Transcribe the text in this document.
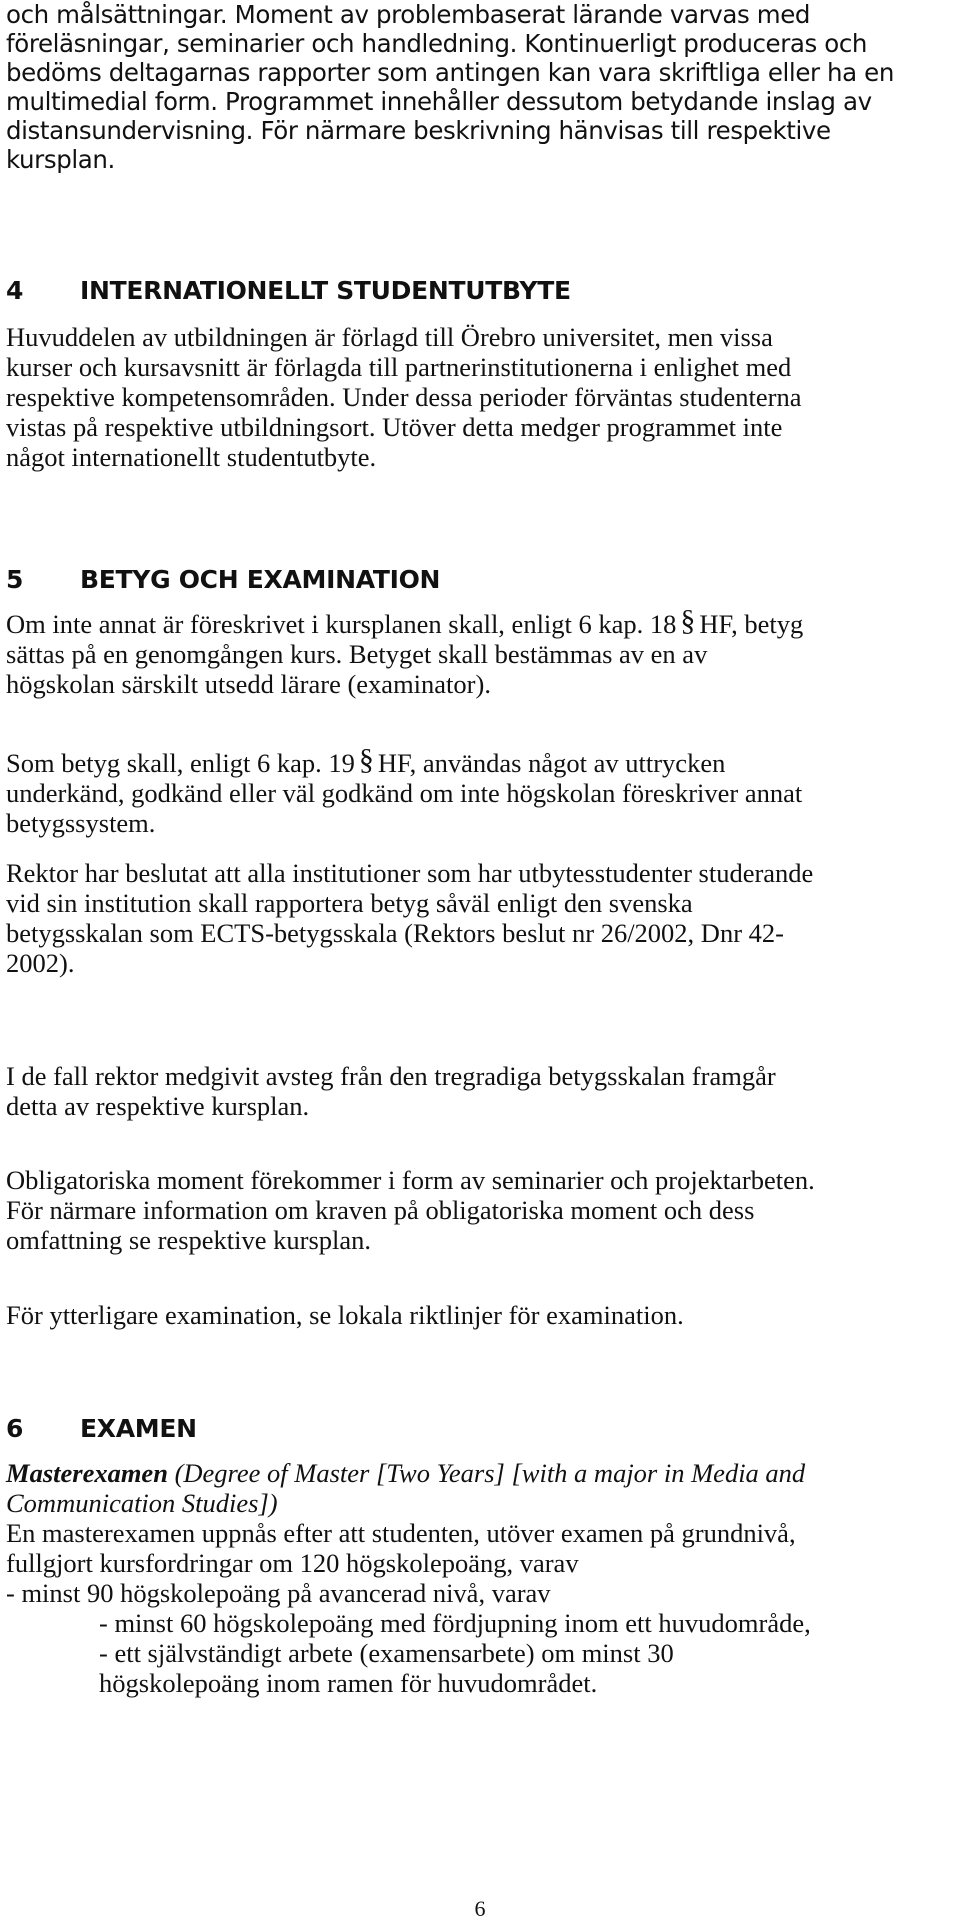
och målsättningar. Moment av problembaserat lärande varvas med
föreläsningar, seminarier och handledning. Kontinuerligt produceras och
bedöms deltagarnas rapporter som antingen kan vara skriftliga eller ha en
multimedial form. Programmet innehåller dessutom betydande inslag av
distansundervisning. För närmare beskrivning hänvisas till respektive
kursplan.
4 INTERNATIONELLT STUDENTUTBYTE
Huvuddelen av utbildningen är förlagd till Örebro universitet, men vissa
kurser och kursavsnitt är förlagda till partnerinstitutionerna i enlighet med
respektive kompetensområden. Under dessa perioder förväntas studenterna
vistas på respektive utbildningsort. Utöver detta medger programmet inte
något internationellt studentutbyte.
5 BETYG OCH EXAMINATION
Om inte annat är föreskrivet i kursplanen skall, enligt 6 kap. 18 § HF, betyg
sättas på en genomgången kurs. Betyget skall bestämmas av en av
högskolan särskilt utsedd lärare (examinator).
Som betyg skall, enligt 6 kap. 19 § HF, användas något av uttrycken
underkänd, godkänd eller väl godkänd om inte högskolan föreskriver annat
betygssystem.
Rektor har beslutat att alla institutioner som har utbytesstudenter studerande
vid sin institution skall rapportera betyg såväl enligt den svenska
betygsskalan som ECTS-betygsskala (Rektors beslut nr 26/2002, Dnr 42-
2002).
I de fall rektor medgivit avsteg från den tregradiga betygsskalan framgår
detta av respektive kursplan.
Obligatoriska moment förekommer i form av seminarier och projektarbeten.
För närmare information om kraven på obligatoriska moment och dess
omfattning se respektive kursplan.
För ytterligare examination, se lokala riktlinjer för examination.
6 EXAMEN
Masterexamen (Degree of Master [Two Years] [with a major in Media and
Communication Studies])
En masterexamen uppnås efter att studenten, utöver examen på grundnivå,
fullgjort kursfordringar om 120 högskolepoäng, varav
- minst 90 högskolepoäng på avancerad nivå, varav
- minst 60 högskolepoäng med fördjupning inom ett huvudområde,
- ett självständigt arbete (examensarbete) om minst 30
högskolepoäng inom ramen för huvudområdet.
6
